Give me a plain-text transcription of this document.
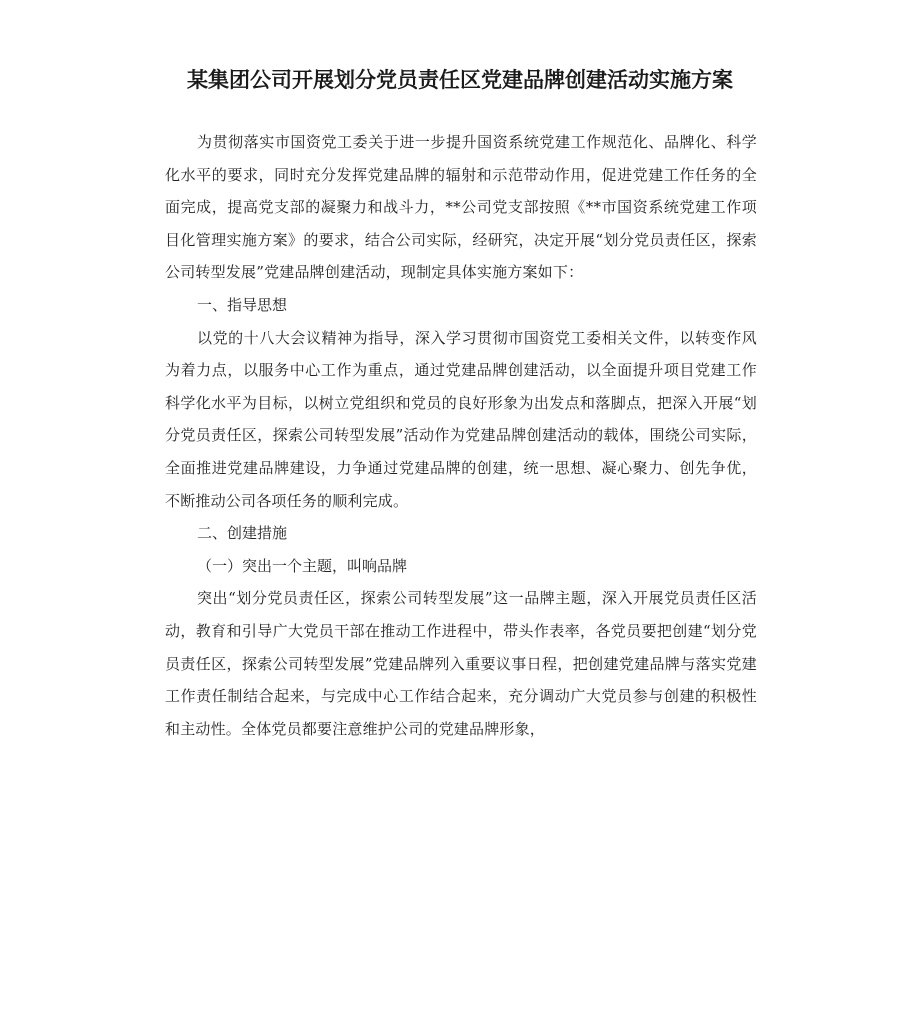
某集团公司开展划分党员责任区党建品牌创建活动实施方案

为贯彻落实市国资党工委关于进一步提升国资系统党建工作规范化、品牌化、科学化水平的要求，同时充分发挥党建品牌的辐射和示范带动作用，促进党建工作任务的全面完成，提高党支部的凝聚力和战斗力，**公司党支部按照《**市国资系统党建工作项目化管理实施方案》的要求，结合公司实际，经研究，决定开展“划分党员责任区，探索公司转型发展”党建品牌创建活动，现制定具体实施方案如下：

一、指导思想

以党的十八大会议精神为指导，深入学习贯彻市国资党工委相关文件，以转变作风为着力点，以服务中心工作为重点，通过党建品牌创建活动，以全面提升项目党建工作科学化水平为目标，以树立党组织和党员的良好形象为出发点和落脚点，把深入开展“划分党员责任区，探索公司转型发展”活动作为党建品牌创建活动的载体，围绕公司实际，全面推进党建品牌建设，力争通过党建品牌的创建，统一思想、凝心聚力、创先争优，不断推动公司各项任务的顺利完成。

二、创建措施

（一）突出一个主题，叫响品牌

突出“划分党员责任区，探索公司转型发展”这一品牌主题，深入开展党员责任区活动，教育和引导广大党员干部在推动工作进程中，带头作表率，各党员要把创建“划分党员责任区，探索公司转型发展”党建品牌列入重要议事日程，把创建党建品牌与落实党建工作责任制结合起来，与完成中心工作结合起来，充分调动广大党员参与创建的积极性和主动性。全体党员都要注意维护公司的党建品牌形象，
